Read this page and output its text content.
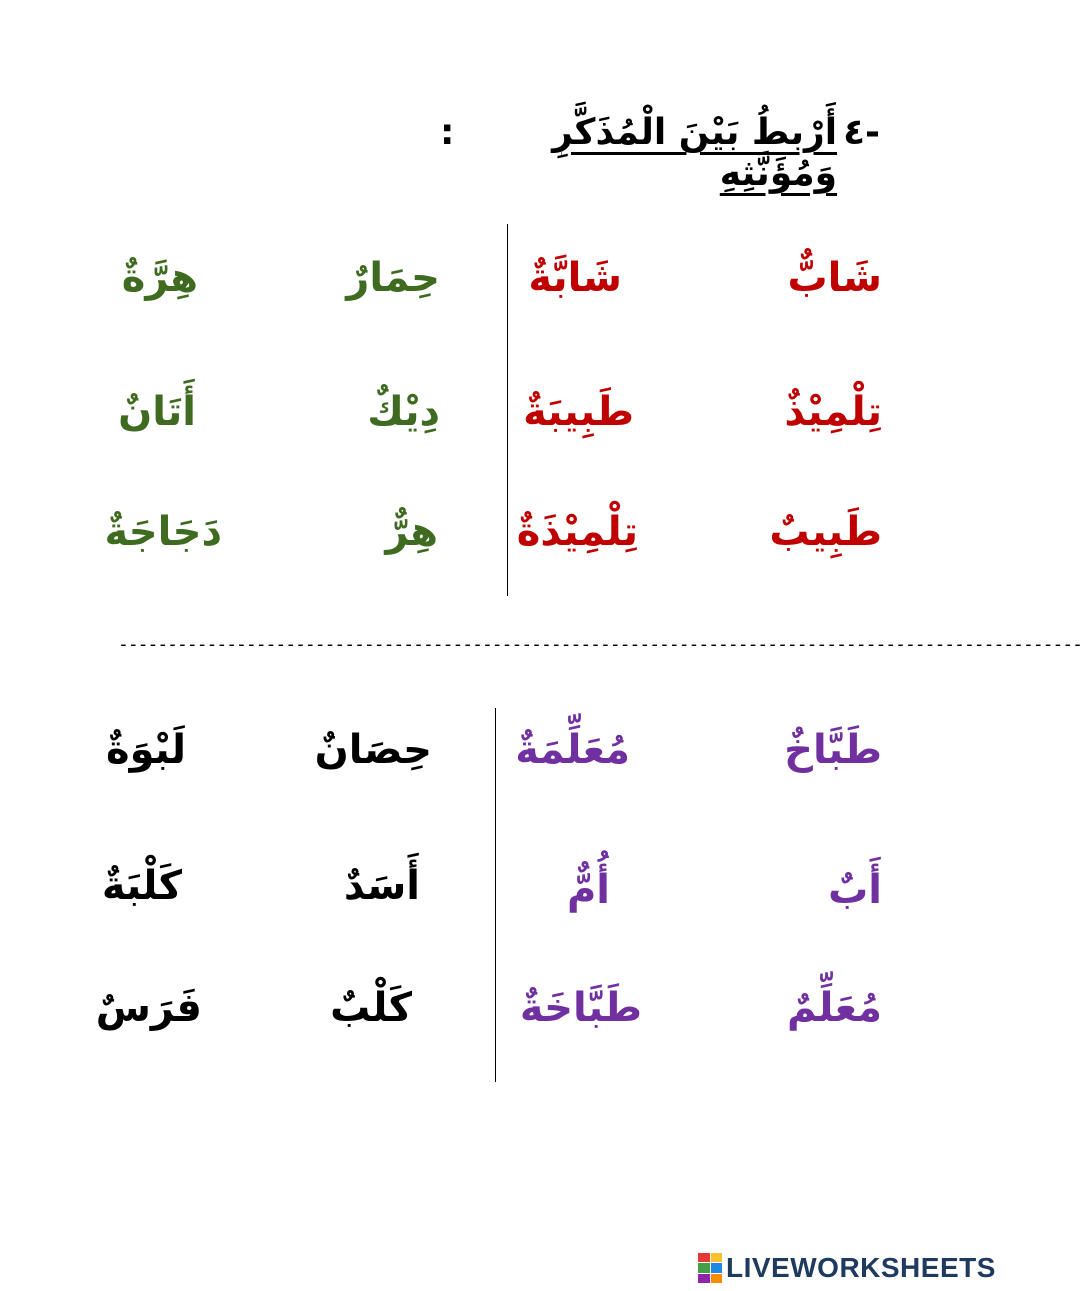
٤-
أَرْبطُ بَيْنَ الْمُذَكَّرِ وَمُؤَنَّثِهِ
:
شَابٌّ
شَابَّةٌ
تِلْمِيْذٌ
طَبِيبَةٌ
طَبِيبٌ
تِلْمِيْذَةٌ
حِمَارٌ
هِرَّةٌ
دِيْكٌ
أَتَانٌ
هِرٌّ
دَجَاجَةٌ
--------------------------------------------------------------------------------------------------
طَبَّاخٌ
مُعَلِّمَةٌ
أَبٌ
أُمٌّ
مُعَلِّمٌ
طَبَّاخَةٌ
حِصَانٌ
لَبْوَةٌ
أَسَدٌ
كَلْبَةٌ
كَلْبٌ
فَرَسٌ
LIVEWORKSHEETS
